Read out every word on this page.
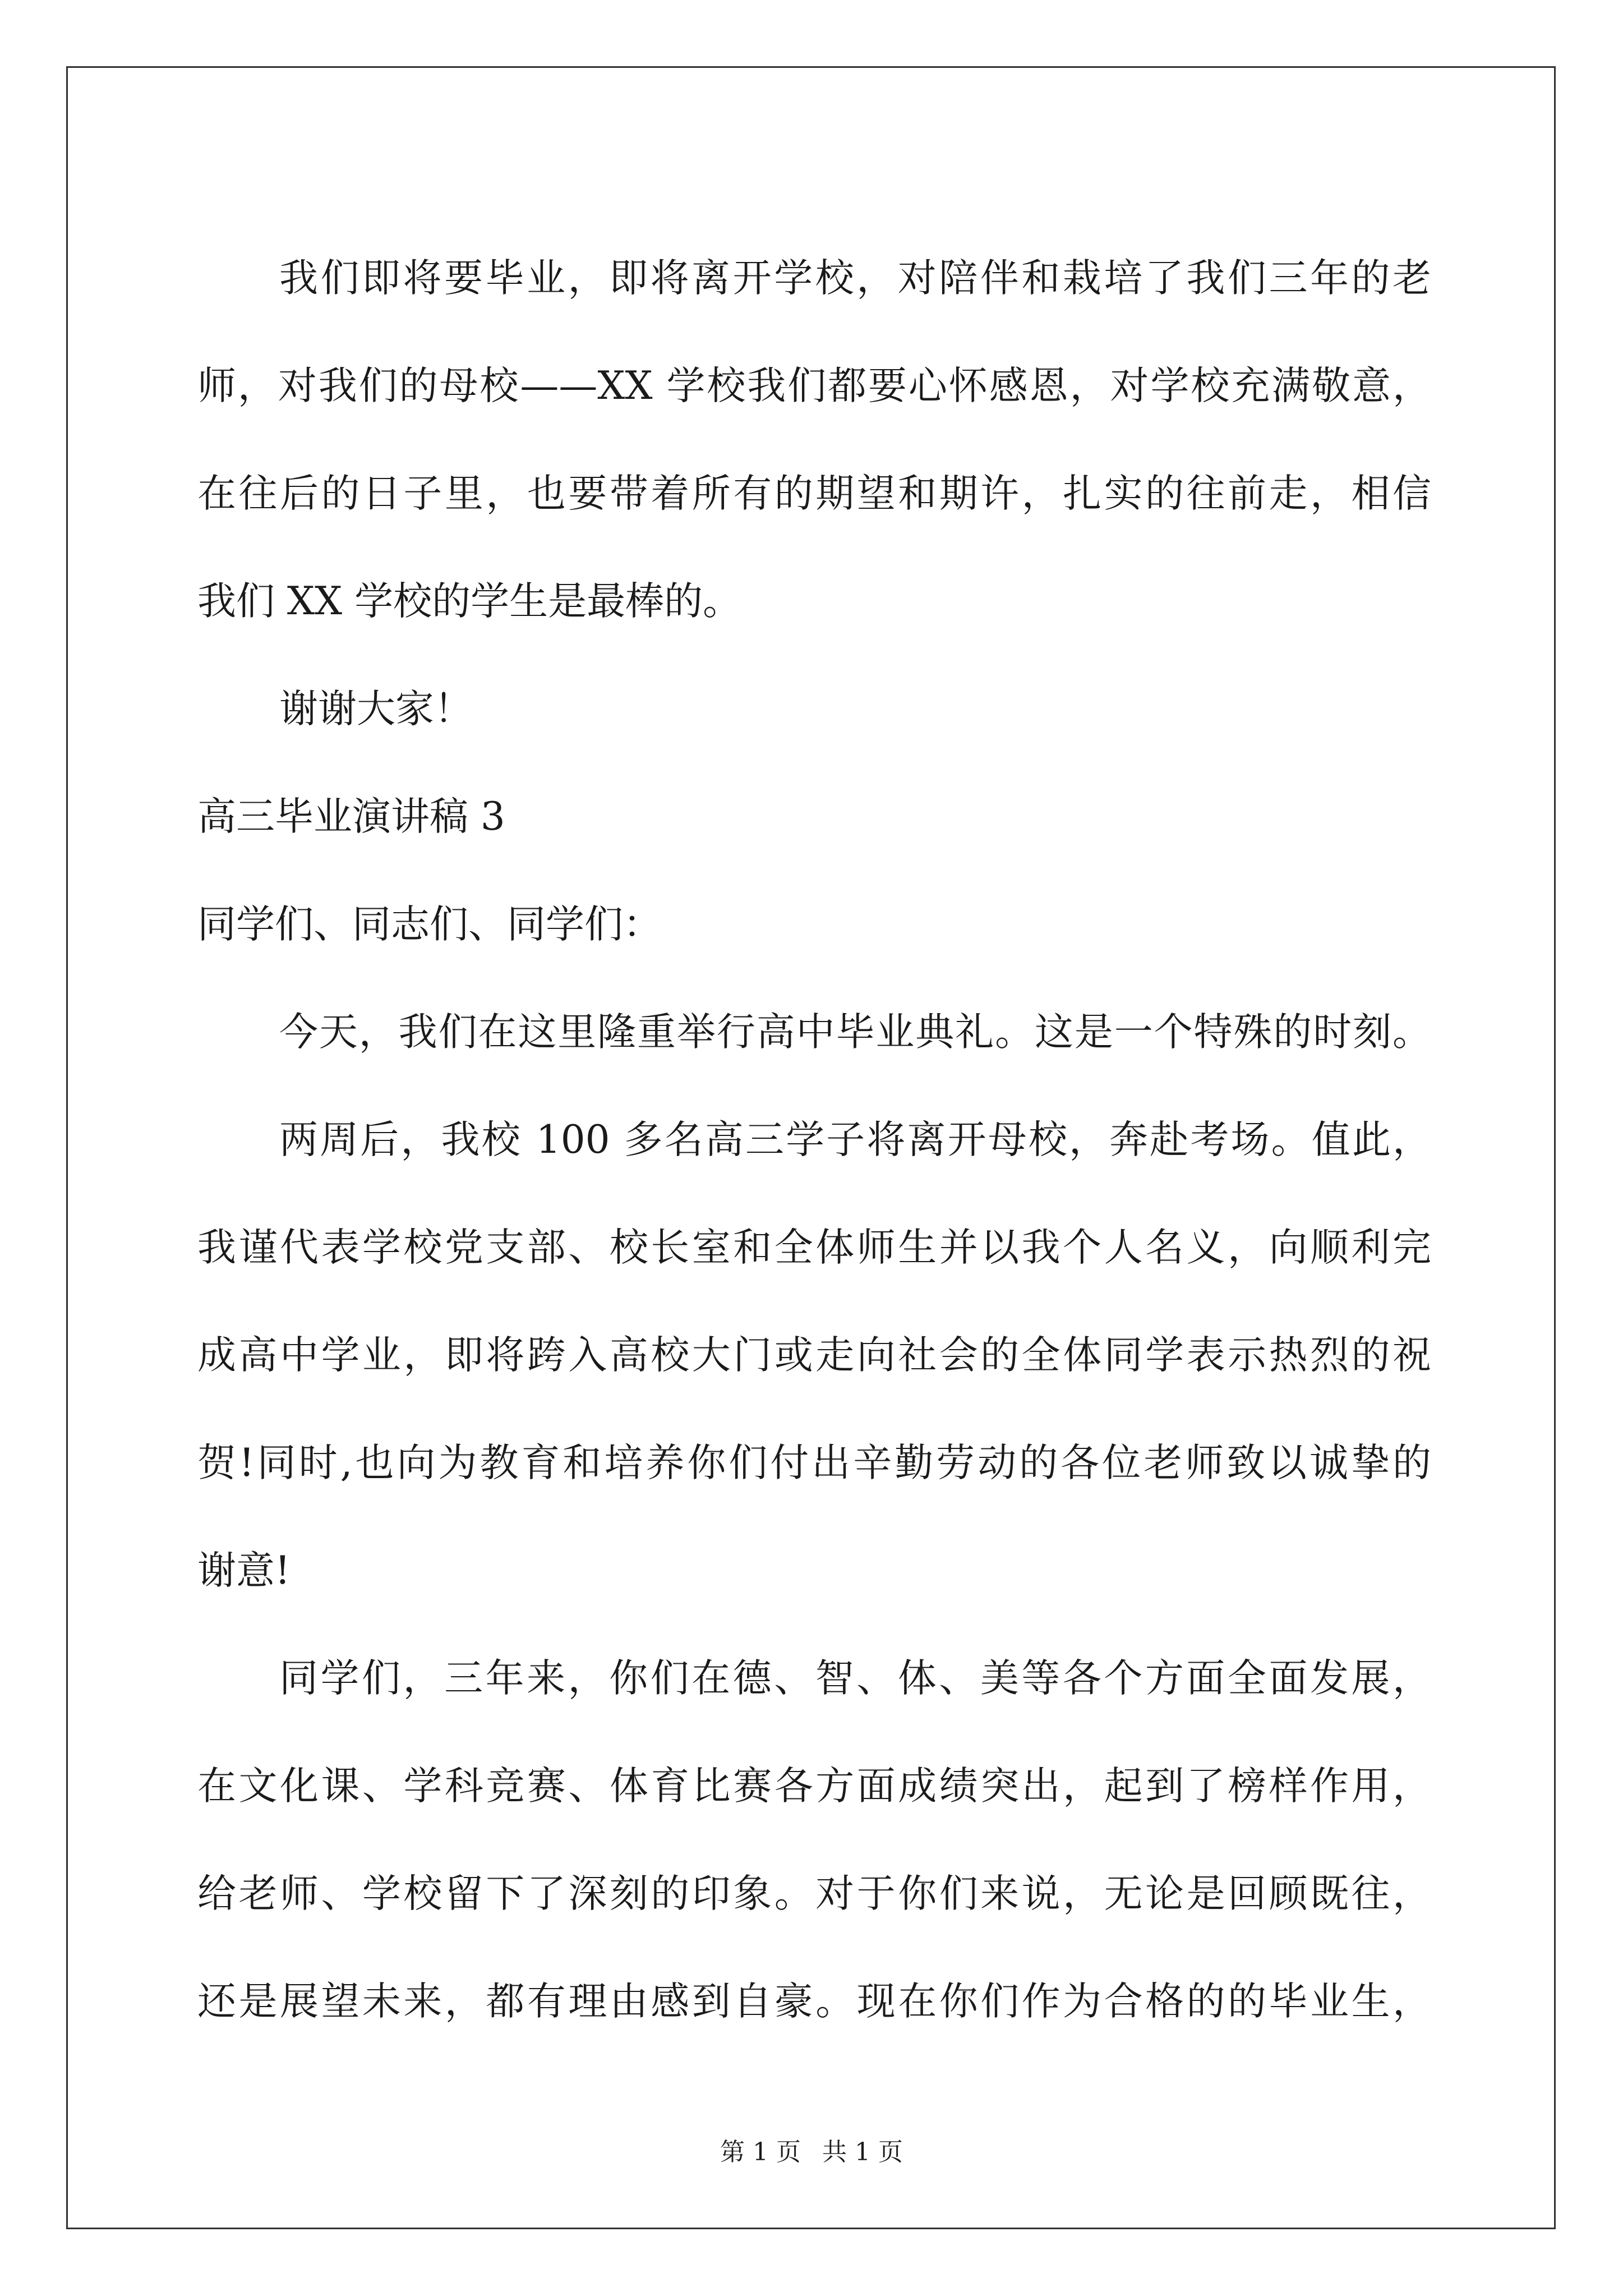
我们即将要毕业，即将离开学校，对陪伴和栽培了我们三年的老
师，对我们的母校——XX 学校我们都要心怀感恩，对学校充满敬意，
在往后的日子里，也要带着所有的期望和期许，扎实的往前走，相信
我们 XX 学校的学生是最棒的。
谢谢大家！
高三毕业演讲稿 3
同学们、同志们、同学们：
今天，我们在这里隆重举行高中毕业典礼。这是一个特殊的时刻。
两周后，我校 100 多名高三学子将离开母校，奔赴考场。值此，
我谨代表学校党支部、校长室和全体师生并以我个人名义，向顺利完
成高中学业，即将跨入高校大门或走向社会的全体同学表示热烈的祝
贺!同时,也向为教育和培养你们付出辛勤劳动的各位老师致以诚挚的
谢意!
同学们，三年来，你们在德、智、体、美等各个方面全面发展，
在文化课、学科竞赛、体育比赛各方面成绩突出，起到了榜样作用，
给老师、学校留下了深刻的印象。对于你们来说，无论是回顾既往，
还是展望未来，都有理由感到自豪。现在你们作为合格的的毕业生，
第 1 页 共 1 页
